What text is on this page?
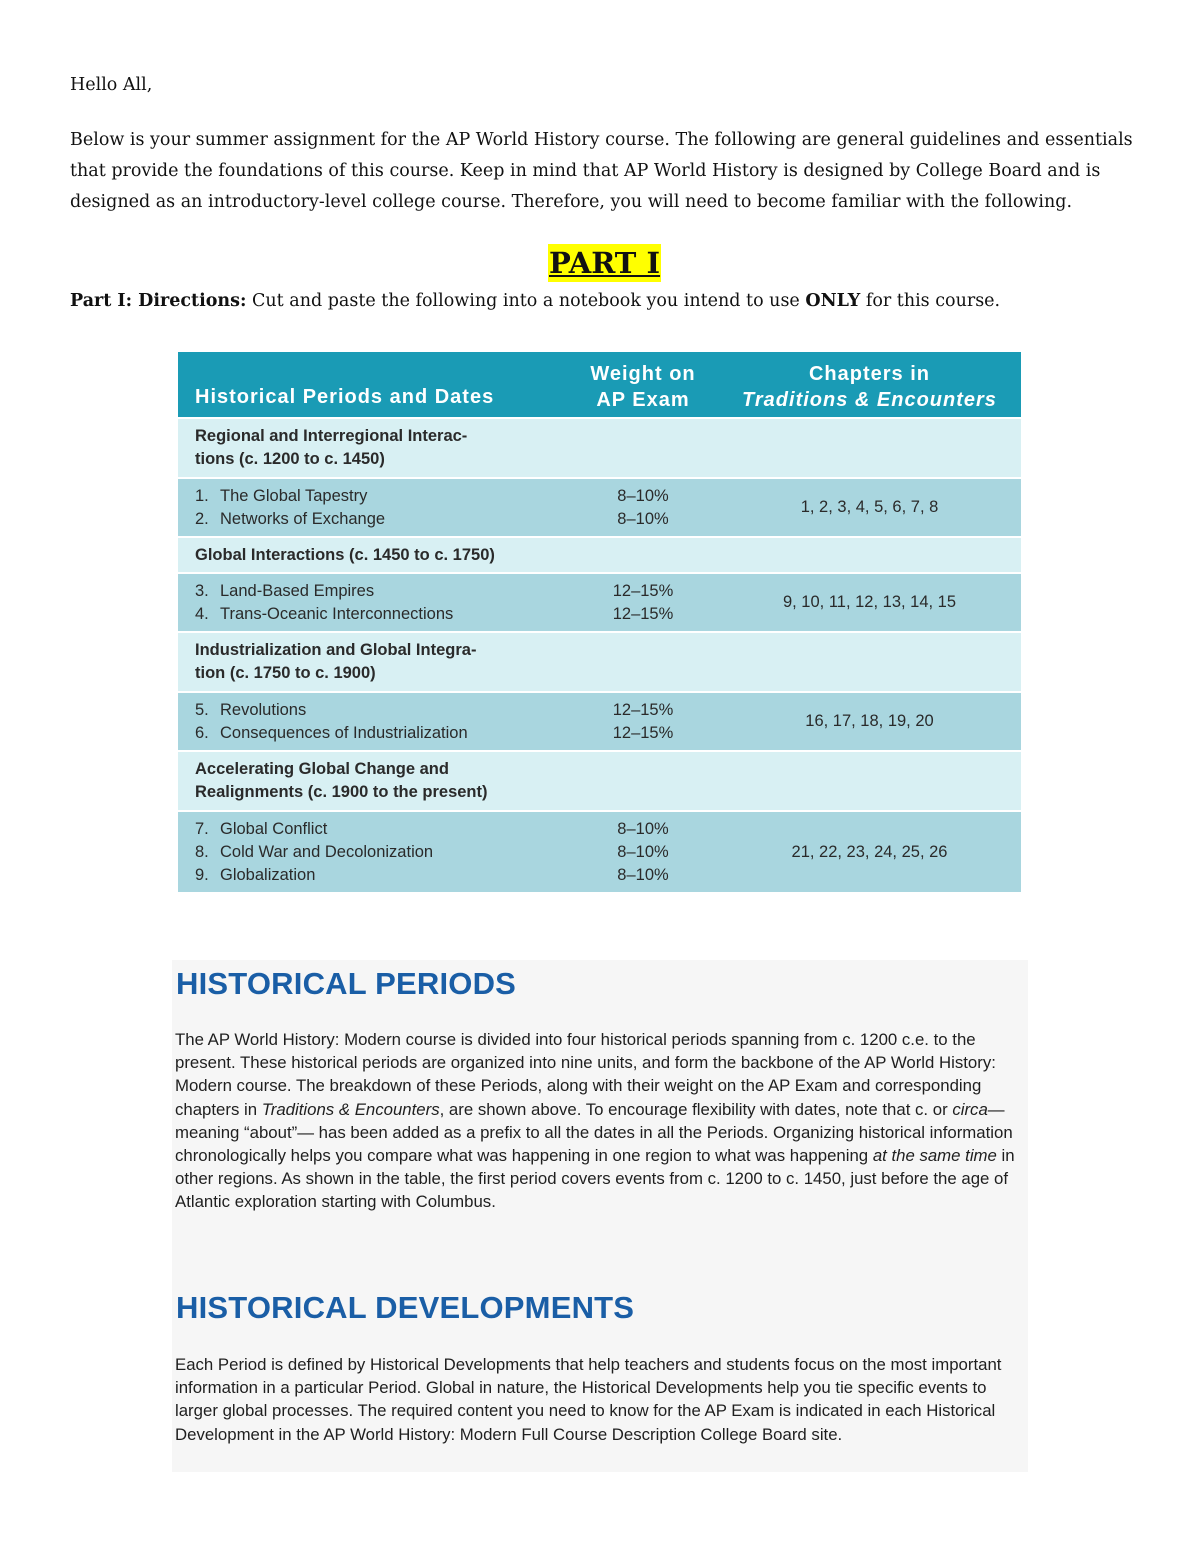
Hello All,

Below is your summer assignment for the AP World History course. The following are general guidelines and essentials that provide the foundations of this course. Keep in mind that AP World History is designed by College Board and is designed as an introductory-level college course. Therefore, you will need to become familiar with the following.

PART I

Part I: Directions: Cut and paste the following into a notebook you intend to use ONLY for this course.

Historical Periods and Dates
Weight on
AP Exam
Chapters in
Traditions & Encounters
Regional and Interregional Interac-
tions (c. 1200 to c. 1450)
1. The Global Tapestry
2. Networks of Exchange
8–10%
8–10%
1, 2, 3, 4, 5, 6, 7, 8
Global Interactions (c. 1450 to c. 1750)
3. Land-Based Empires
4. Trans-Oceanic Interconnections
12–15%
12–15%
9, 10, 11, 12, 13, 14, 15
Industrialization and Global Integra-
tion (c. 1750 to c. 1900)
5. Revolutions
6. Consequences of Industrialization
12–15%
12–15%
16, 17, 18, 19, 20
Accelerating Global Change and
Realignments (c. 1900 to the present)
7. Global Conflict
8. Cold War and Decolonization
9. Globalization
8–10%
8–10%
8–10%
21, 22, 23, 24, 25, 26
HISTORICAL PERIODS

The AP World History: Modern course is divided into four historical periods spanning from c. 1200 c.e. to the present. These historical periods are organized into nine units, and form the backbone of the AP World History: Modern course. The breakdown of these Periods, along with their weight on the AP Exam and corresponding chapters in Traditions & Encounters, are shown above. To encourage flexibility with dates, note that c. or circa—meaning “about”— has been added as a prefix to all the dates in all the Periods. Organizing historical information chronologically helps you compare what was happening in one region to what was happening at the same time in other regions. As shown in the table, the first period covers events from c. 1200 to c. 1450, just before the age of Atlantic exploration starting with Columbus.

HISTORICAL DEVELOPMENTS

Each Period is defined by Historical Developments that help teachers and students focus on the most important information in a particular Period. Global in nature, the Historical Developments help you tie specific events to larger global processes. The required content you need to know for the AP Exam is indicated in each Historical Development in the AP World History: Modern Full Course Description College Board site.
